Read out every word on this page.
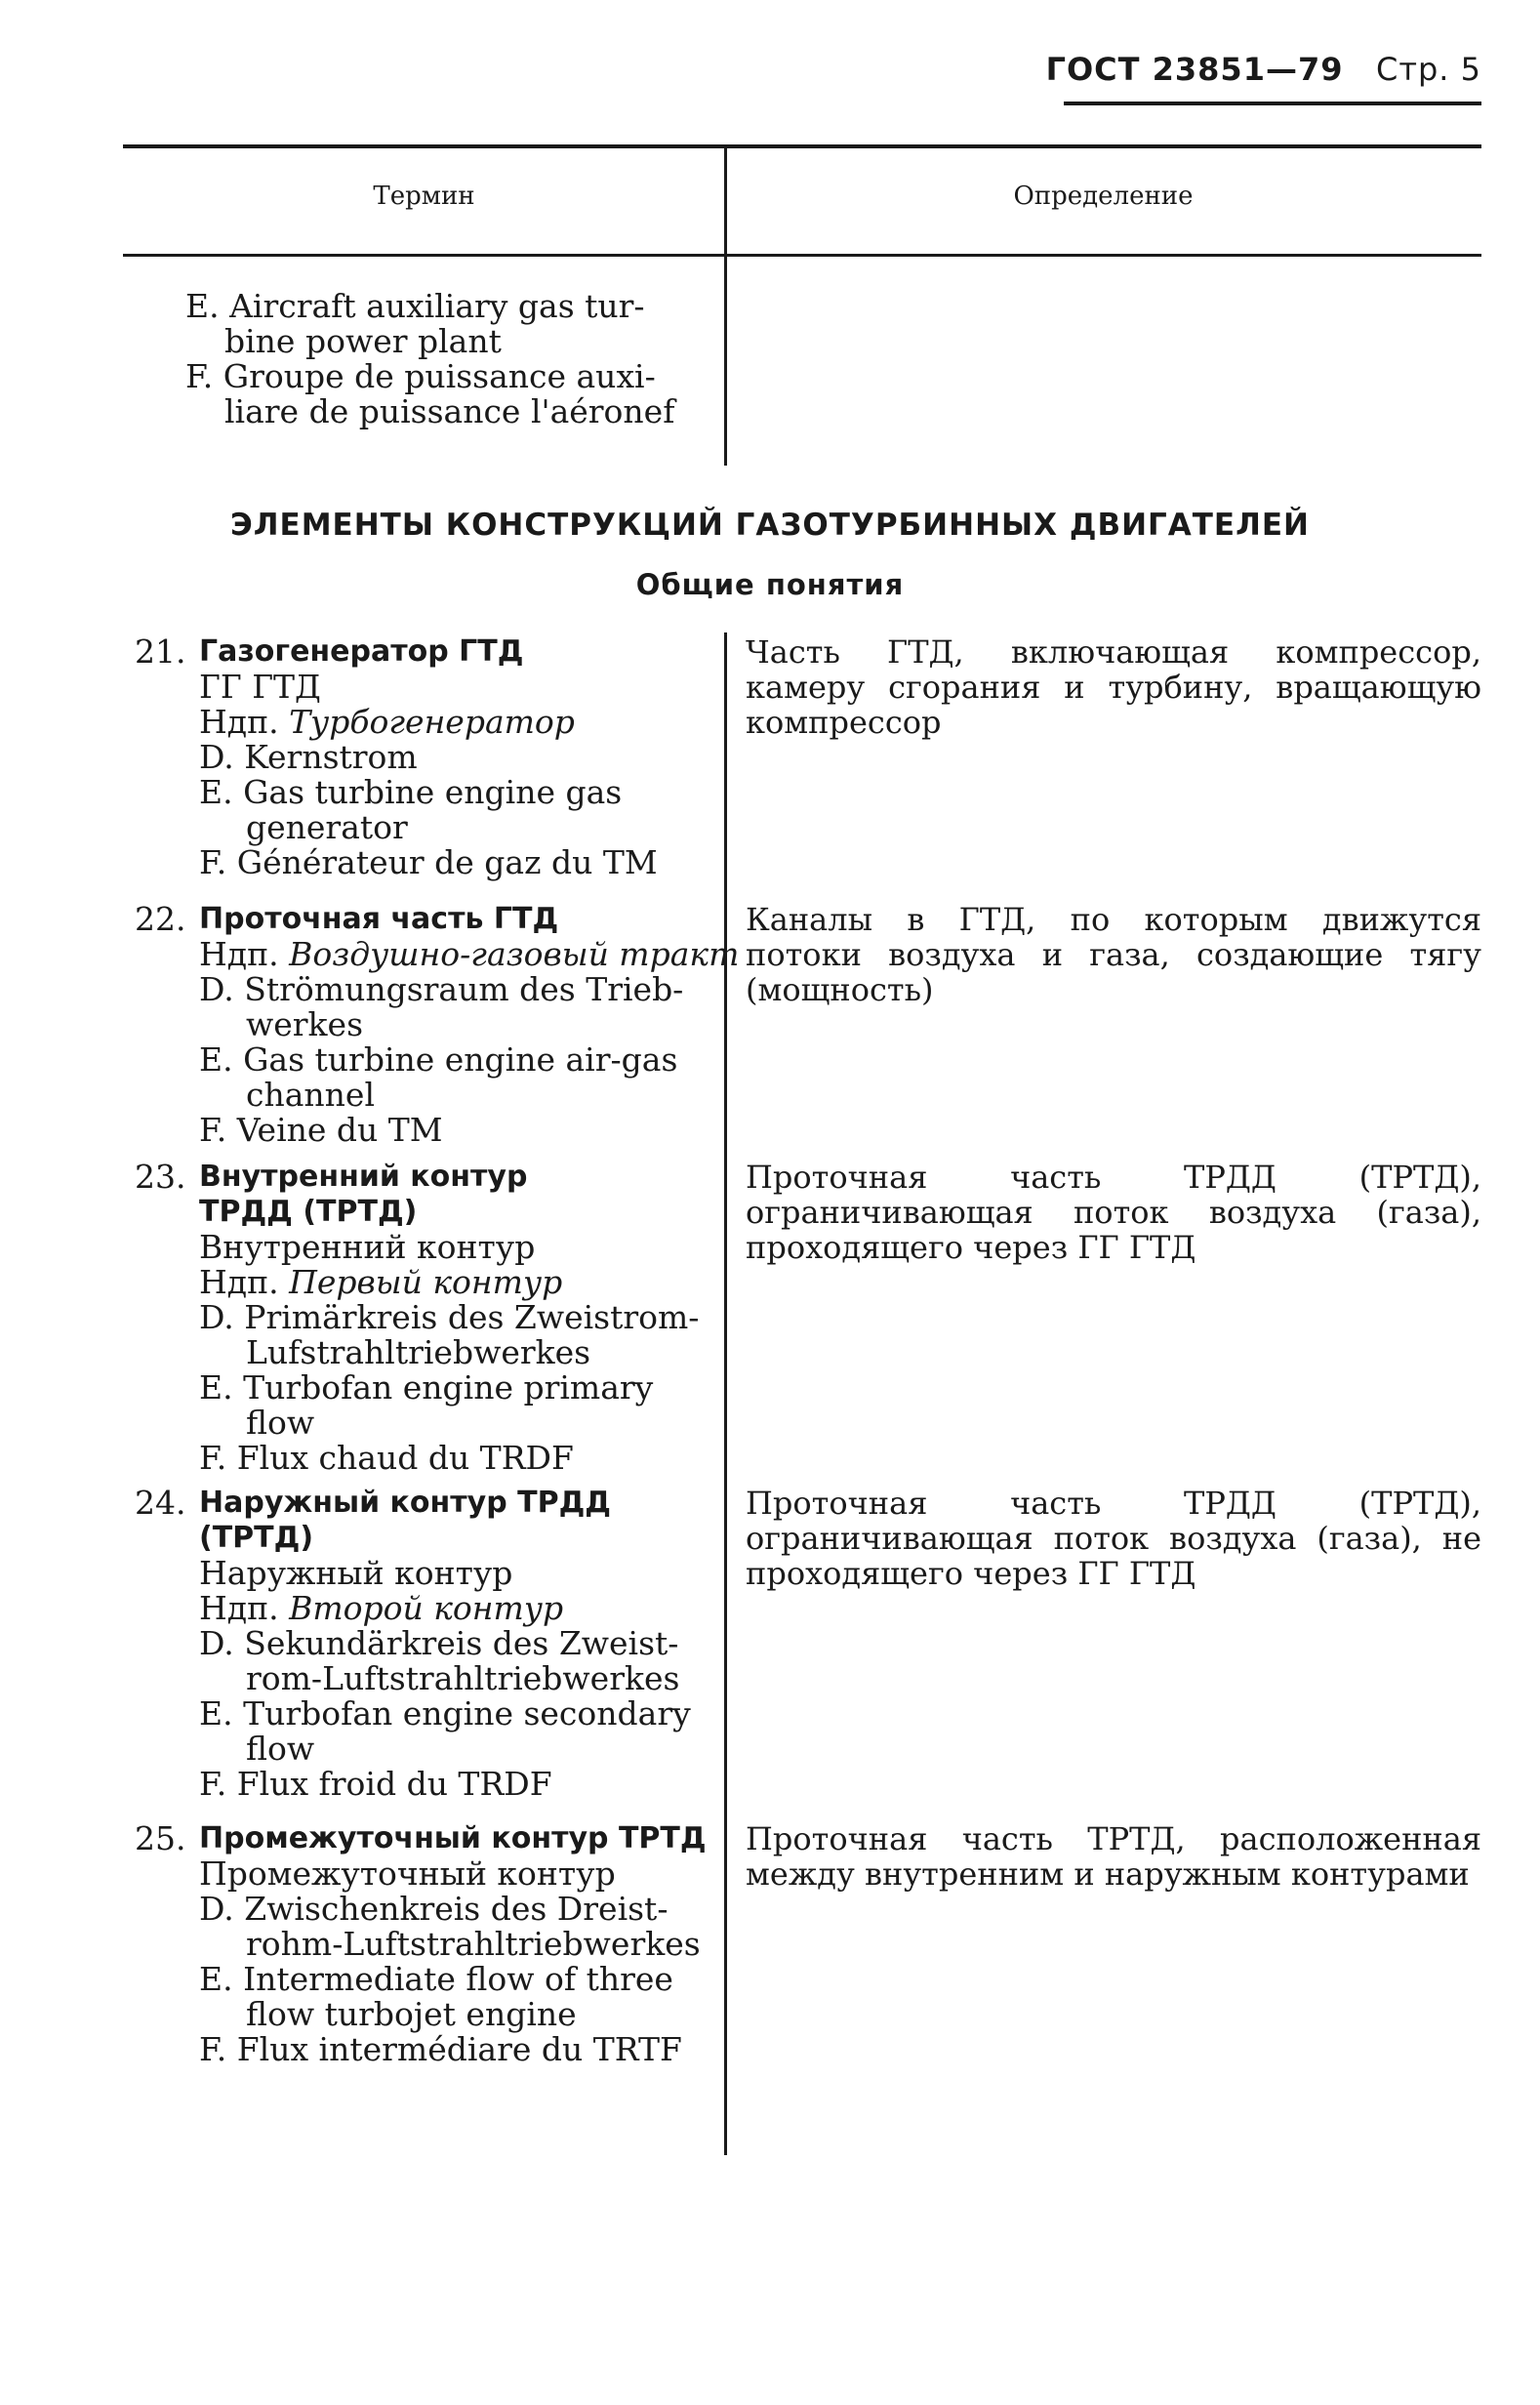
ГОСТ 23851—79 Стр. 5
Термин	Определение
E. Aircraft auxiliary gas tur-
bine power plant
F. Groupe de puissance auxi-
liare de puissance l'aéronef
ЭЛЕМЕНТЫ КОНСТРУКЦИЙ ГАЗОТУРБИННЫХ ДВИГАТЕЛЕЙ
Общие понятия
21. Газогенератор ГТД
ГГ ГТД
Ндп. Турбогенератор
D. Kernstrom
E. Gas turbine engine gas
generator
F. Générateur de gaz du TM
Часть ГТД, включающая компрессор, камеру сгорания и турбину, вращающую компрессор
22. Проточная часть ГТД
Ндп. Воздушно-газовый тракт
D. Strömungsraum des Trieb-
werkes
E. Gas turbine engine air-gas
channel
F. Veine du TM
Каналы в ГТД, по которым движутся потоки воздуха и газа, создающие тягу (мощность)
23. Внутренний контур
ТРДД (ТРТД)
Внутренний контур
Ндп. Первый контур
D. Primärkreis des Zweistrom-
Lufstrahltriebwerkes
E. Turbofan engine primary
flow
F. Flux chaud du TRDF
Проточная часть ТРДД (ТРТД), ограничивающая поток воздуха (газа), проходящего через ГГ ГТД
24. Наружный контур ТРДД
(ТРТД)
Наружный контур
Ндп. Второй контур
D. Sekundärkreis des Zweist-
rom-Luftstrahltriebwerkes
E. Turbofan engine secondary
flow
F. Flux froid du TRDF
Проточная часть ТРДД (ТРТД), ограничивающая поток воздуха (газа), не проходящего через ГГ ГТД
25. Промежуточный контур ТРТД
Промежуточный контур
D. Zwischenkreis des Dreist-
rohm-Luftstrahltriebwerkes
E. Intermediate flow of three
flow turbojet engine
F. Flux intermédiare du TRTF
Проточная часть ТРТД, расположенная между внутренним и наружным контурами
